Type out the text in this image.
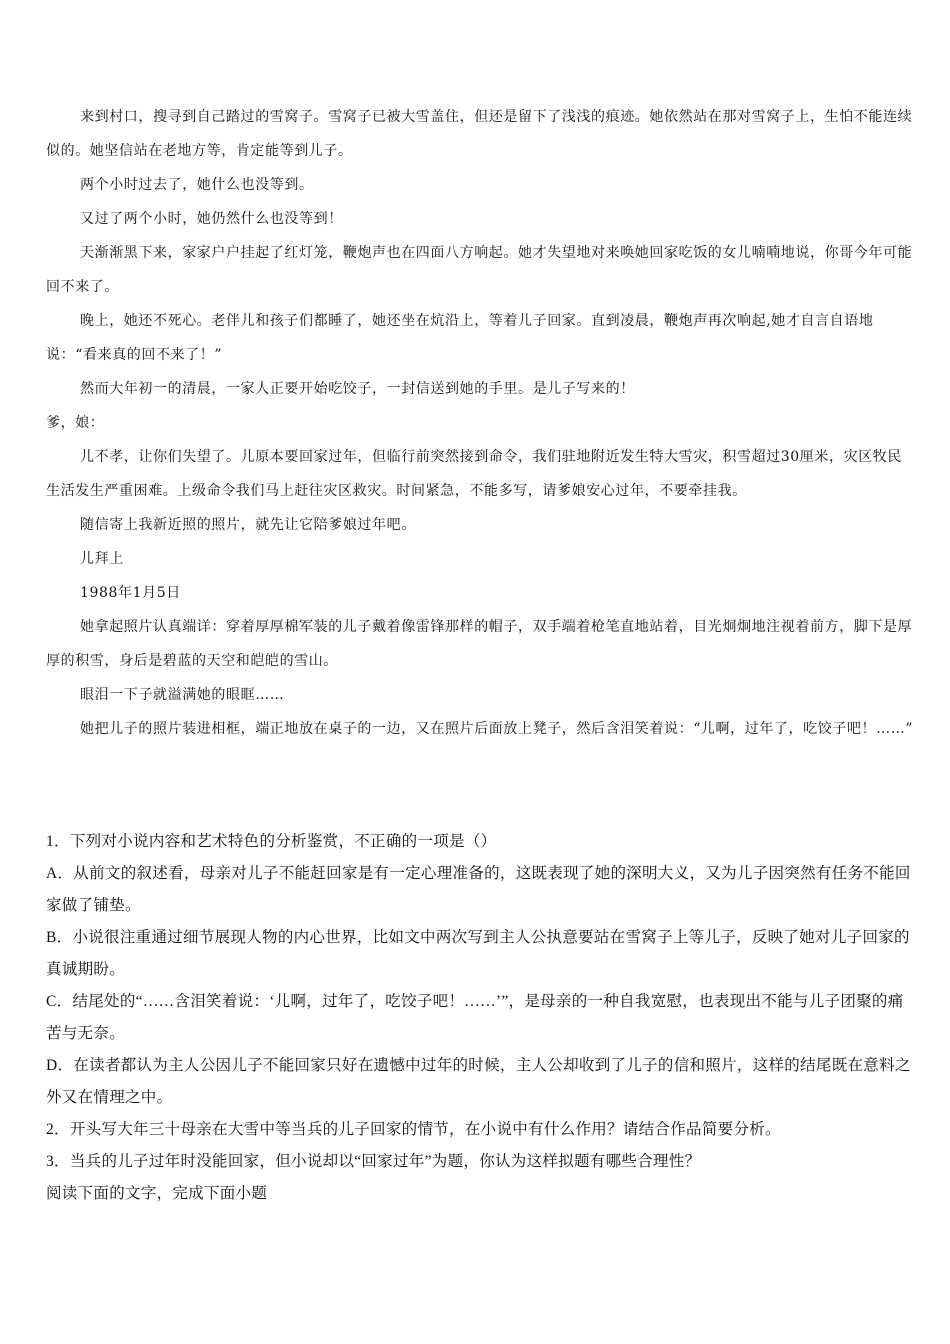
来到村口，搜寻到自己踏过的雪窝子。雪窝子已被大雪盖住，但还是留下了浅浅的痕迹。她依然站在那对雪窝子上，生怕不能连续似的。她坚信站在老地方等，肯定能等到儿子。

两个小时过去了，她什么也没等到。

又过了两个小时，她仍然什么也没等到！

天渐渐黑下来，家家户户挂起了红灯笼，鞭炮声也在四面八方响起。她才失望地对来唤她回家吃饭的女儿喃喃地说，你哥今年可能回不来了。

晚上，她还不死心。老伴儿和孩子们都睡了，她还坐在炕沿上，等着儿子回家。直到凌晨，鞭炮声再次响起,她才自言自语地说：“看来真的回不来了！”

然而大年初一的清晨，一家人正要开始吃饺子，一封信送到她的手里。是儿子写来的！

爹，娘：

儿不孝，让你们失望了。儿原本要回家过年，但临行前突然接到命令，我们驻地附近发生特大雪灾，积雪超过30厘米，灾区牧民生活发生严重困难。上级命令我们马上赶往灾区救灾。时间紧急，不能多写，请爹娘安心过年，不要牵挂我。

随信寄上我新近照的照片，就先让它陪爹娘过年吧。

儿拜上

1988年1月5日

她拿起照片认真端详：穿着厚厚棉军装的儿子戴着像雷锋那样的帽子，双手端着枪笔直地站着，目光炯炯地注视着前方，脚下是厚厚的积雪，身后是碧蓝的天空和皑皑的雪山。

眼泪一下子就溢满她的眼眶……

她把儿子的照片装进相框，端正地放在桌子的一边，又在照片后面放上凳子，然后含泪笑着说：“儿啊，过年了，吃饺子吧！……”

1．下列对小说内容和艺术特色的分析鉴赏，不正确的一项是（）

A．从前文的叙述看，母亲对儿子不能赶回家是有一定心理准备的，这既表现了她的深明大义，又为儿子因突然有任务不能回家做了铺垫。

B．小说很注重通过细节展现人物的内心世界，比如文中两次写到主人公执意要站在雪窝子上等儿子，反映了她对儿子回家的真诚期盼。

C．结尾处的“……含泪笑着说：‘儿啊，过年了，吃饺子吧！……’”，是母亲的一种自我宽慰，也表现出不能与儿子团聚的痛苦与无奈。

D．在读者都认为主人公因儿子不能回家只好在遗憾中过年的时候，主人公却收到了儿子的信和照片，这样的结尾既在意料之外又在情理之中。

2．开头写大年三十母亲在大雪中等当兵的儿子回家的情节，在小说中有什么作用？请结合作品简要分析。

3．当兵的儿子过年时没能回家，但小说却以“回家过年”为题，你认为这样拟题有哪些合理性？

阅读下面的文字，完成下面小题
